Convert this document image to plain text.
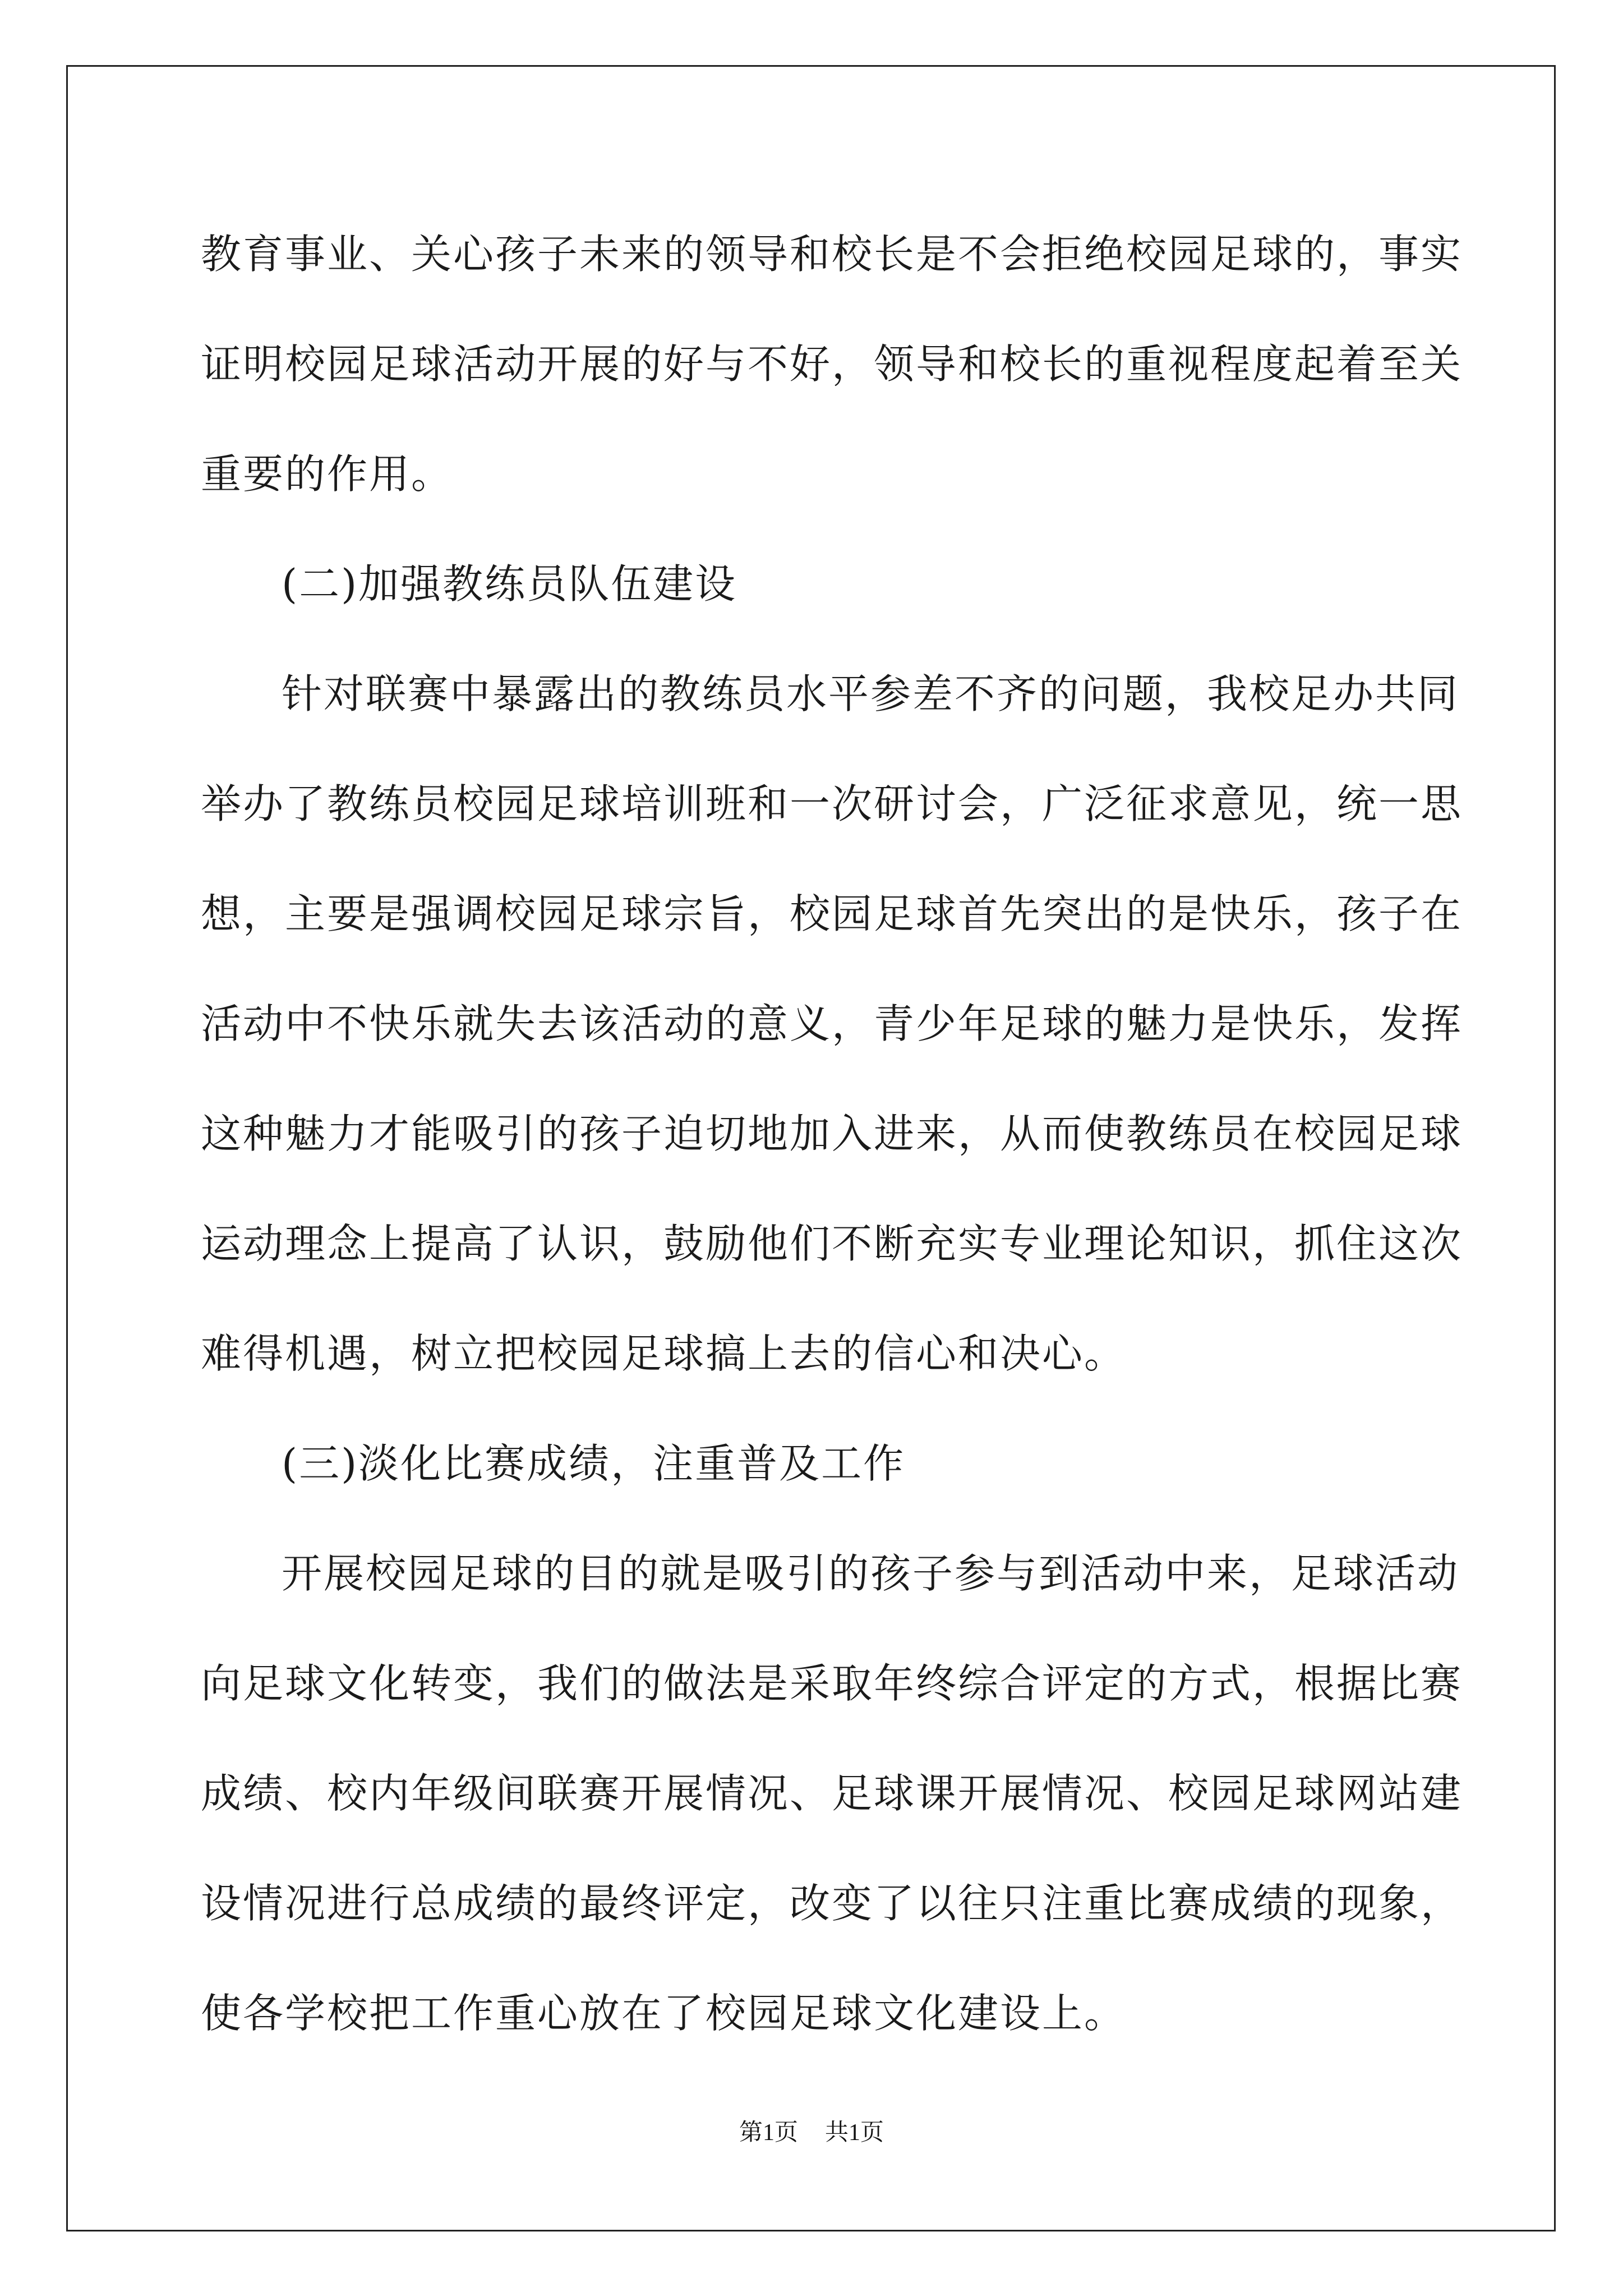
教育事业、关心孩子未来的领导和校长是不会拒绝校园足球的，事实
证明校园足球活动开展的好与不好，领导和校长的重视程度起着至关
重要的作用。
(二)加强教练员队伍建设
针对联赛中暴露出的教练员水平参差不齐的问题，我校足办共同
举办了教练员校园足球培训班和一次研讨会，广泛征求意见，统一思
想，主要是强调校园足球宗旨，校园足球首先突出的是快乐，孩子在
活动中不快乐就失去该活动的意义，青少年足球的魅力是快乐，发挥
这种魅力才能吸引的孩子迫切地加入进来，从而使教练员在校园足球
运动理念上提高了认识，鼓励他们不断充实专业理论知识，抓住这次
难得机遇，树立把校园足球搞上去的信心和决心。
(三)淡化比赛成绩，注重普及工作
开展校园足球的目的就是吸引的孩子参与到活动中来，足球活动
向足球文化转变，我们的做法是采取年终综合评定的方式，根据比赛
成绩、校内年级间联赛开展情况、足球课开展情况、校园足球网站建
设情况进行总成绩的最终评定，改变了以往只注重比赛成绩的现象，
使各学校把工作重心放在了校园足球文化建设上。
第1页 共1页
